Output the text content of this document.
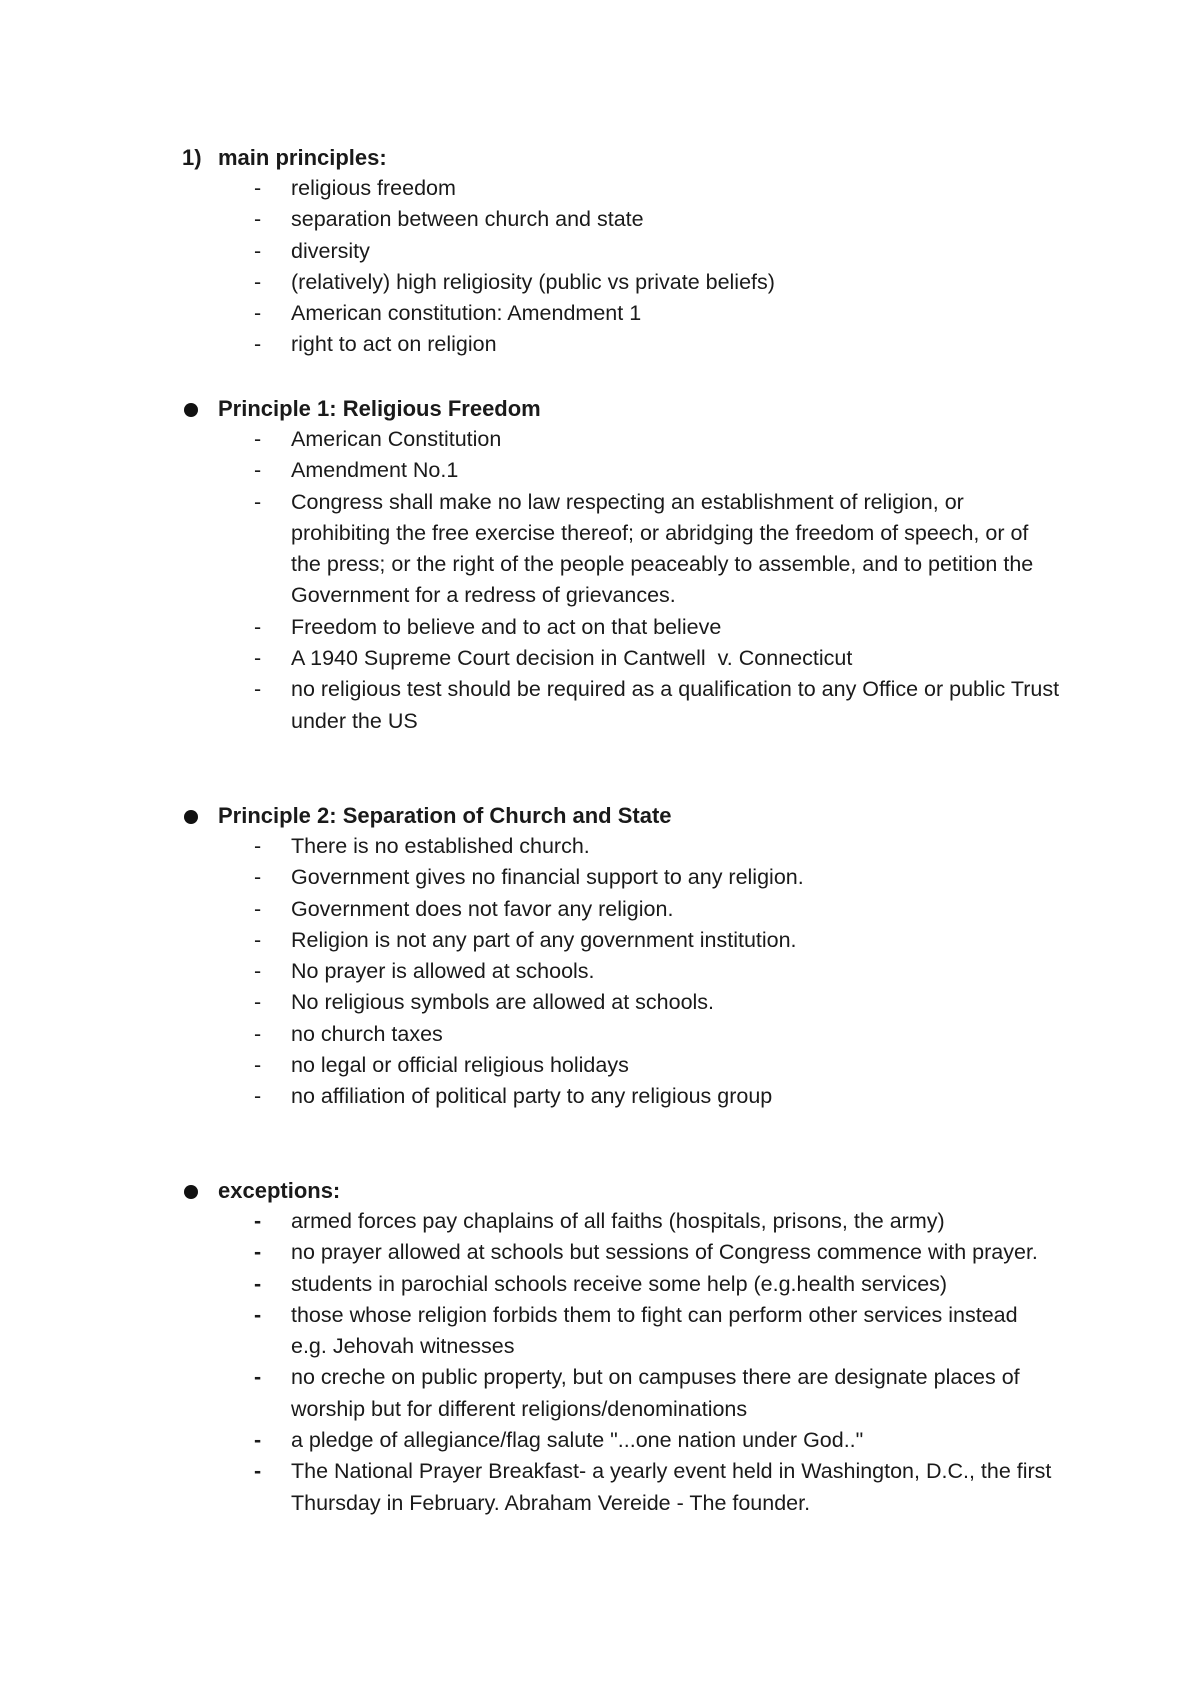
1) main principles:
- religious freedom
- separation between church and state
- diversity
- (relatively) high religiosity (public vs private beliefs)
- American constitution: Amendment 1
- right to act on religion
Principle 1: Religious Freedom
- American Constitution
- Amendment No.1
- Congress shall make no law respecting an establishment of religion, or prohibiting the free exercise thereof; or abridging the freedom of speech, or of the press; or the right of the people peaceably to assemble, and to petition the Government for a redress of grievances.
- Freedom to believe and to act on that believe
- A 1940 Supreme Court decision in Cantwell  v. Connecticut
- no religious test should be required as a qualification to any Office or public Trust under the US
Principle 2: Separation of Church and State
- There is no established church.
- Government gives no financial support to any religion.
- Government does not favor any religion.
- Religion is not any part of any government institution.
- No prayer is allowed at schools.
- No religious symbols are allowed at schools.
- no church taxes
- no legal or official religious holidays
- no affiliation of political party to any religious group
exceptions:
- armed forces pay chaplains of all faiths (hospitals, prisons, the army)
- no prayer allowed at schools but sessions of Congress commence with prayer.
- students in parochial schools receive some help (e.g.health services)
- those whose religion forbids them to fight can perform other services instead e.g. Jehovah witnesses
- no creche on public property, but on campuses there are designate places of worship but for different religions/denominations
- a pledge of allegiance/flag salute "...one nation under God.."
- The National Prayer Breakfast- a yearly event held in Washington, D.C., the first Thursday in February. Abraham Vereide - The founder.
